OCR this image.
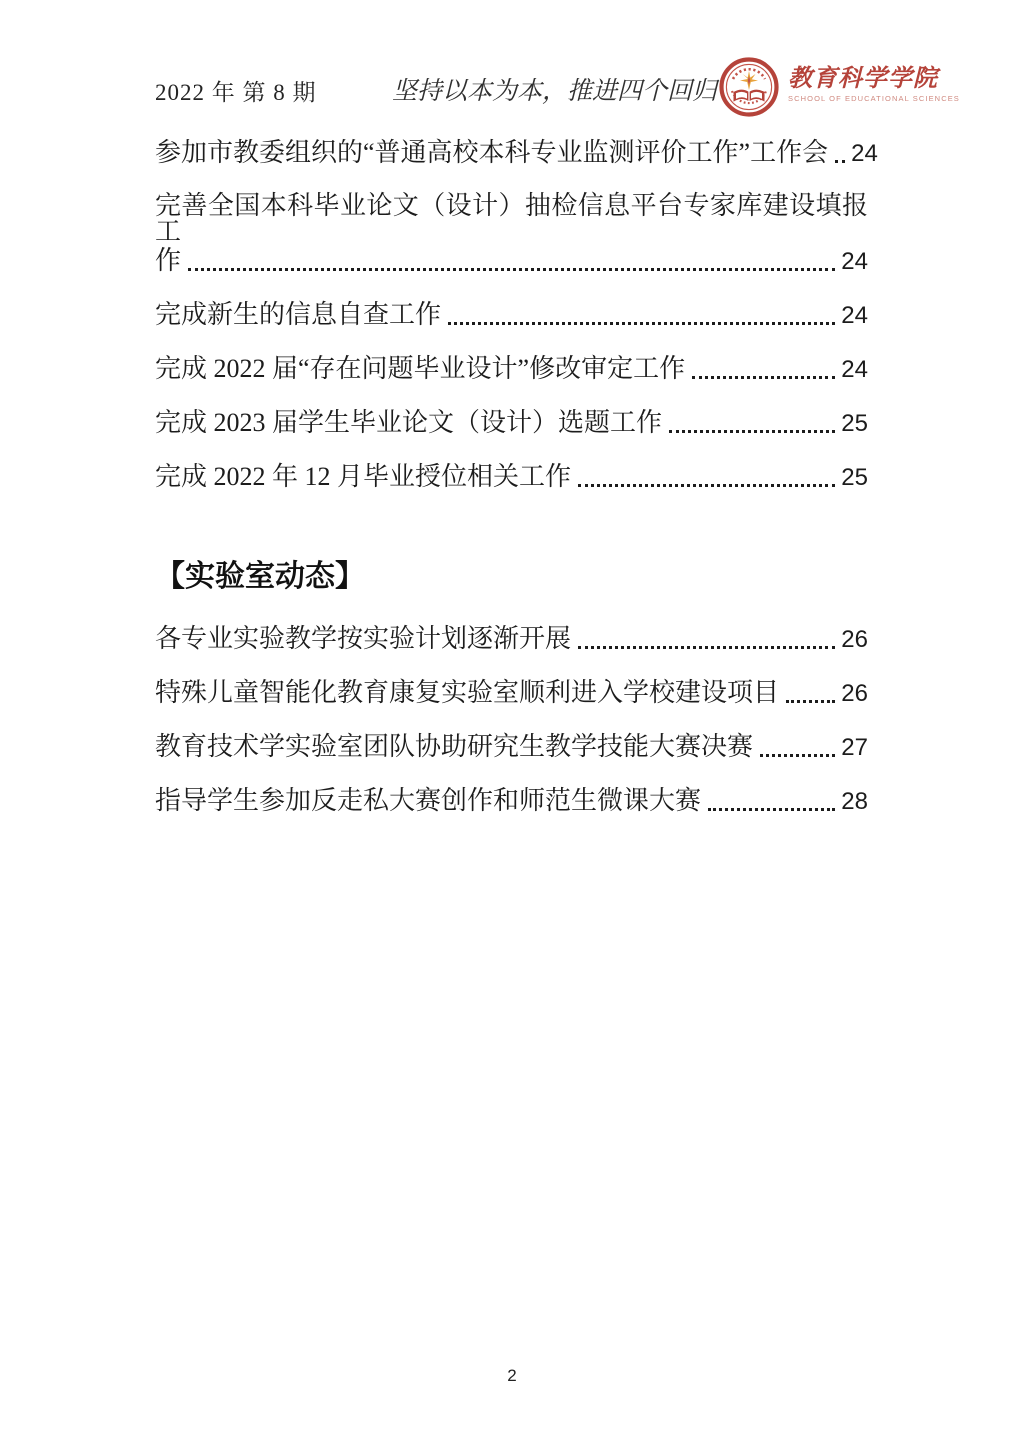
2022 年 第 8 期	坚持以本为本，推进四个回归	教育科学学院
SCHOOL OF EDUCATIONAL SCIENCES
参加市教委组织的“普通高校本科专业监测评价工作”工作会 24
完善全国本科毕业论文（设计）抽检信息平台专家库建设填报工
作	24
完成新生的信息自查工作	24
完成 2022 届“存在问题毕业设计”修改审定工作	24
完成 2023 届学生毕业论文（设计）选题工作	25
完成 2022 年 12 月毕业授位相关工作	25
【实验室动态】
各专业实验教学按实验计划逐渐开展	26
特殊儿童智能化教育康复实验室顺利进入学校建设项目	26
教育技术学实验室团队协助研究生教学技能大赛决赛	27
指导学生参加反走私大赛创作和师范生微课大赛	28
2
